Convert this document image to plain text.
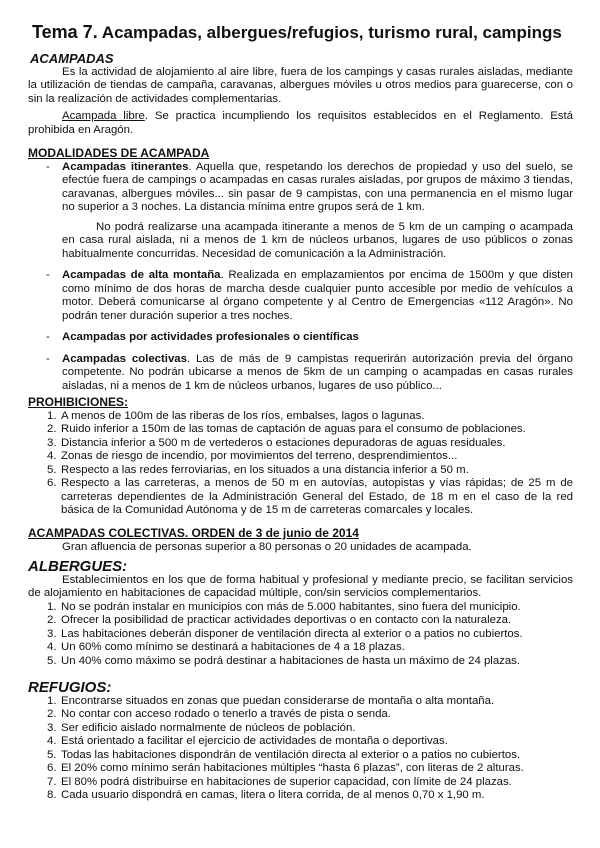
Tema 7. Acampadas, albergues/refugios, turismo rural, campings
ACAMPADAS

Es la actividad de alojamiento al aire libre, fuera de los campings y casas rurales aisladas, mediante la utilización de tiendas de campaña, caravanas, albergues móviles u otros medios para guarecerse, con o sin la realización de actividades complementarias.

Acampada libre. Se practica incumpliendo los requisitos establecidos en el Reglamento. Está prohibida en Aragón.

MODALIDADES DE ACAMPADA
- Acampadas itinerantes. Aquella que, respetando los derechos de propiedad y uso del suelo, se efectúe fuera de campings o acampadas en casas rurales aisladas, por grupos de máximo 3 tiendas, caravanas, albergues móviles... sin pasar de 9 campistas, con una permanencia en el mismo lugar no superior a 3 noches. La distancia mínima entre grupos será de 1 km.

No podrá realizarse una acampada itinerante a menos de 5 km de un camping o acampada en casa rural aislada, ni a menos de 1 km de núcleos urbanos, lugares de uso públicos o zonas habitualmente concurridas. Necesidad de comunicación a la Administración.

- Acampadas de alta montaña. Realizada en emplazamientos por encima de 1500m y que disten como mínimo de dos horas de marcha desde cualquier punto accesible por medio de vehículos a motor. Deberá comunicarse al órgano competente y al Centro de Emergencias «112 Aragón». No podrán tener duración superior a tres noches.
- Acampadas por actividades profesionales o científicas
- Acampadas colectivas. Las de más de 9 campistas requerirán autorización previa del órgano competente. No podrán ubicarse a menos de 5km de un camping o acampadas en casas rurales aisladas, ni a menos de 1 km de núcleos urbanos, lugares de uso público...
PROHIBICIONES:
1. A menos de 100m de las riberas de los ríos, embalses, lagos o lagunas.
2. Ruido inferior a 150m de las tomas de captación de aguas para el consumo de poblaciones.
3. Distancia inferior a 500 m de vertederos o estaciones depuradoras de aguas residuales.
4. Zonas de riesgo de incendio, por movimientos del terreno, desprendimientos...
5. Respecto a las redes ferroviarias, en los situados a una distancia inferior a 50 m.
6. Respecto a las carreteras, a menos de 50 m en autovías, autopistas y vías rápidas; de 25 m de carreteras dependientes de la Administración General del Estado, de 18 m en el caso de la red básica de la Comunidad Autónoma y de 15 m de carreteras comarcales y locales.
ACAMPADAS COLECTIVAS. ORDEN de 3 de junio de 2014

Gran afluencia de personas superior a 80 personas o 20 unidades de acampada.

ALBERGUES:

Establecimientos en los que de forma habitual y profesional y mediante precio, se facilitan servicios de alojamiento en habitaciones de capacidad múltiple, con/sin servicios complementarios.

1. No se podrán instalar en municipios con más de 5.000 habitantes, sino fuera del municipio.
2. Ofrecer la posibilidad de practicar actividades deportivas o en contacto con la naturaleza.
3. Las habitaciones deberán disponer de ventilación directa al exterior o a patios no cubiertos.
4. Un 60% como mínimo se destinará a habitaciones de 4 a 18 plazas.
5. Un 40% como máximo se podrá destinar a habitaciones de hasta un máximo de 24 plazas.
REFUGIOS:
1. Encontrarse situados en zonas que puedan considerarse de montaña o alta montaña.
2. No contar con acceso rodado o tenerlo a través de pista o senda.
3. Ser edificio aislado normalmente de núcleos de población.
4. Está orientado a facilitar el ejercicio de actividades de montaña o deportivas.
5. Todas las habitaciones dispondrán de ventilación directa al exterior o a patios no cubiertos.
6. El 20% como mínimo serán habitaciones múltiples “hasta 6 plazas”, con literas de 2 alturas.
7. El 80% podrá distribuirse en habitaciones de superior capacidad, con límite de 24 plazas.
8. Cada usuario dispondrá en camas, litera o litera corrida, de al menos 0,70 x 1,90 m.
